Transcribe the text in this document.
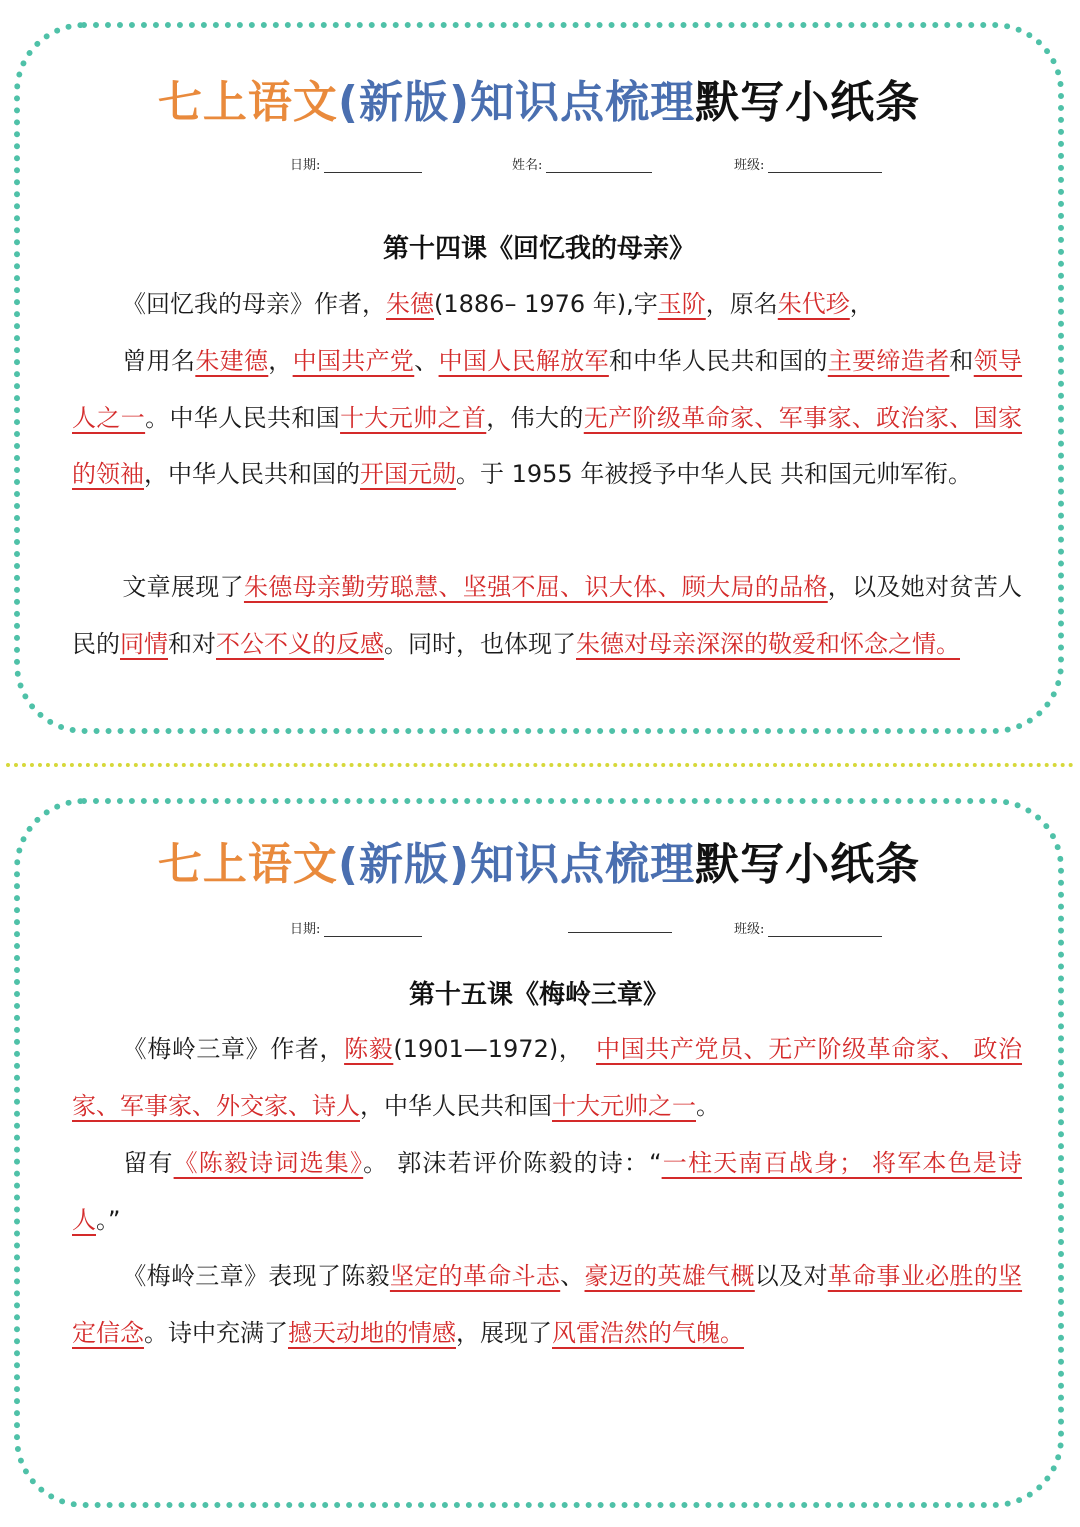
七上语文(新版)知识点梳理默写小纸条
日期:	姓名:	班级:
第十四课《回忆我的母亲》
《回忆我的母亲》作者，朱德(1886– 1976 年),字玉阶，原名朱代珍，
曾用名朱建德，中国共产党、中国人民解放军和中华人民共和国的主要缔造者和领导人之一。中华人民共和国十大元帅之首，伟大的无产阶级革命家、军事家、政治家、国家的领袖，中华人民共和国的开国元勋。于 1955 年被授予中华人民 共和国元帅军衔。
文章展现了朱德母亲勤劳聪慧、坚强不屈、识大体、顾大局的品格，以及她对贫苦人民的同情和对不公不义的反感。同时，也体现了朱德对母亲深深的敬爱和怀念之情。
七上语文(新版)知识点梳理默写小纸条
日期:	班级:
第十五课《梅岭三章》
《梅岭三章》作者，陈毅(1901—1972)，　中国共产党员、无产阶级革命家、 政治家、军事家、外交家、诗人，中华人民共和国十大元帅之一。
留有《陈毅诗词选集》。 郭沫若评价陈毅的诗：“一柱天南百战身； 将军本色是诗人。”
《梅岭三章》表现了陈毅坚定的革命斗志、豪迈的英雄气概以及对革命事业必胜的坚定信念。诗中充满了撼天动地的情感，展现了风雷浩然的气魄。
